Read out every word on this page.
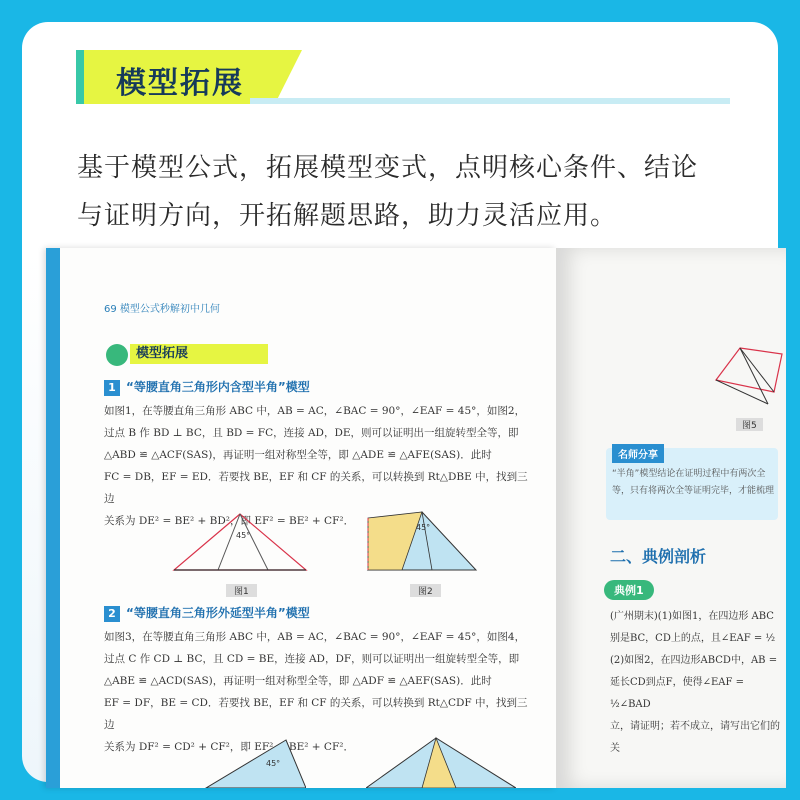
模型拓展
基于模型公式，拓展模型变式，点明核心条件、结论
与证明方向，开拓解题思路，助力灵活应用。
69 模型公式秒解初中几何
模型拓展
1 “等腰直角三角形内含型半角”模型
如图1，在等腰直角三角形 ABC 中，AB = AC，∠BAC = 90°，∠EAF = 45°，如图2，
过点 B 作 BD ⊥ BC，且 BD = FC，连接 AD，DE，则可以证明出一组旋转型全等，即
△ABD ≌ △ACF(SAS)，再证明一组对称型全等，即 △ADE ≌ △AFE(SAS)．此时
FC = DB，EF = ED．若要找 BE，EF 和 CF 的关系，可以转换到 Rt△DBE 中，找到三边
关系为 DE² = BE² + BD²，即 EF² = BE² + CF²．
45°
图1
45°
图2
2 “等腰直角三角形外延型半角”模型
如图3，在等腰直角三角形 ABC 中，AB = AC，∠BAC = 90°，∠EAF = 45°，如图4，
过点 C 作 CD ⊥ BC，且 CD = BE，连接 AD，DF，则可以证明出一组旋转型全等，即
△ABE ≌ △ACD(SAS)，再证明一组对称型全等，即 △ADF ≌ △AEF(SAS)．此时
EF = DF，BE = CD．若要找 BE，EF 和 CF 的关系，可以转换到 Rt△CDF 中，找到三边
关系为 DF² = CD² + CF²，即 EF² = BE² + CF²．
45°
图5
名师分享
“半角”模型结论在证明过程中有两次全等，只有将两次全等证明完毕，才能梳理
二、典例剖析
典例1
(广州期末)(1)如图1，在四边形 ABC
别是BC，CD上的点，且∠EAF = ½
(2)如图2，在四边形ABCD中，AB =
延长CD到点F，使得∠EAF = ½∠BAD
立，请证明；若不成立，请写出它们的关
